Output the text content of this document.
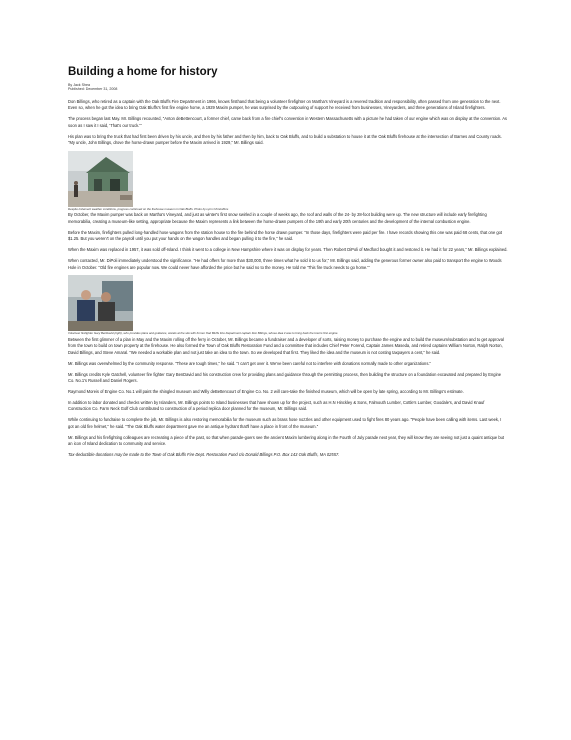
Building a home for history
By Jack Shea
Published: December 31, 2008

Don Billings, who retired as a captain with the Oak Bluffs Fire Department in 1966, knows firsthand that being a volunteer firefighter on Martha's Vineyard is a revered tradition and responsibility, often passed from one generation to the next. Even so, when he got the idea to bring Oak Bluffs's first fire engine home, a 1929 Maxim pumper, he was surprised by the outpouring of support he received from businesses, Vineyarders, and three generations of Island firefighters.

The process began last May. Mr. Billings recounted, "Anton deBettencourt, a former chief, came back from a fire chief's convention in Western Massachusetts with a picture he had taken of our engine which was on display at the convention. As soon as I saw it I said, 'That's our truck.'"

His plan was to bring the truck that had first been driven by his uncle, and then by his father and then by him, back to Oak Bluffs, and to build a substation to house it at the Oak Bluffs firehouse at the intersection of Barnes and County roads. "My uncle, John Billings, drove the horse-drawn pumper before the Maxim arrived in 1929," Mr. Billings said.

Despite inclement weather conditions, progress continued on the firehouse museum in Oak Bluffs. Photo by Lynn Christoffers

By October, the Maxim pumper was back on Martha's Vineyard, and just as winter's first snow swirled in a couple of weeks ago, the roof and walls of the 24- by 28-foot building were up. The new structure will include early firefighting memorabilia, creating a museum-like setting, appropriate because the Maxim represents a link between the horse-drawn pumpers of the 19th and early 20th centuries and the development of the internal combustion engine.

Before the Maxim, firefighters pulled long-handled hose wagons from the station house to the fire behind the horse drawn pumper. "In those days, firefighters were paid per fire. I have records showing this one was paid 68 cents, that one got $1.25. But you weren't on the payroll until you put your hands on the wagon handles and began pulling it to the fire," he said.

When the Maxim was replaced in 1957, it was sold off-Island. I think it went to a college in New Hampshire where it was on display for years. Then Robert DiPoli of Medford bought it and restored it. He had it for 22 years," Mr. Billings explained.

When contacted, Mr. DiPoli immediately understood the significance. "He had offers for more than $30,000, three times what he sold it to us for," Mr. Billings said, adding the generous former owner also paid to transport the engine to Woods Hole in October. "Old fire engines are popular now. We could never have afforded the price but he said no to the money. He told me 'This fire truck needs to go home.'"

Volunteer firefighter Gary BenDavid (right), who provides plans and guidance, stands at the site with former Oak Bluffs Fire Department captain Don Billings, whose idea it was to bring back the town's first engine.

Between the first glimmer of a plan in May and the Maxim rolling off the ferry in October, Mr. Billings became a fundraiser and a developer of sorts, raising money to purchase the engine and to build the museum/substation and to get approval from the town to build on town property at the firehouse. He also formed the Town of Oak Bluffs Restoration Fund and a committee that includes Chief Peter Forend, Captain James Maseda, and retired captains William Norton, Ralph Norton, David Billings, and Steve Amaral. "We needed a workable plan and not just take an idea to the town. So we developed that first. They liked the idea and the museum is not costing taxpayers a cent," he said.

Mr. Billings was overwhelmed by the community response. "These are tough times," he said. "I can't get over it. We've been careful not to interfere with donations normally made to other organizations."

Mr. Billings credits Kyle Gatchell, volunteer fire fighter Gary BenDavid and his construction crew for providing plans and guidance through the permitting process, then building the structure on a foundation excavated and prepared by Engine Co. No.1's Russell and Daniel Rogers.

Raymond Moreis of Engine Co. No.1 will paint the shingled museum and Willy deBettencourt of Engine Co. No. 2 will care-take the finished museum, which will be open by late spring, according to Mr. Billings's estimate.

In addition to labor donated and checks written by Islanders, Mr. Billings points to Island businesses that have shown up for the project, such as H.N Hinckley & Sons, Falmouth Lumber, Cottle's Lumber, Goodale's, and David Knauf Construction Co. Farm Neck Golf Club contributed to construction of a period replica door planned for the museum, Mr. Billings said.

While continuing to fundraise to complete the job, Mr. Billings is also restoring memorabilia for the museum such as brass hose nozzles and other equipment used to fight fires 80 years ago. "People have been calling with items. Last week, I got an old fire helmet," he said. "The Oak Bluffs water department gave me an antique hydrant that'll have a place in front of the museum."

Mr. Billings and his firefighting colleagues are recreating a piece of the past, so that when parade-goers see the ancient Maxim lumbering along in the Fourth of July parade next year, they will know they are seeing not just a quaint antique but an icon of Island dedication to community and service.

Tax-deductible donations may be made to the Town of Oak Bluffs Fire Dept. Restoration Fund c/o Donald Billings P.O. Box 143 Oak Bluffs, MA 02557.
